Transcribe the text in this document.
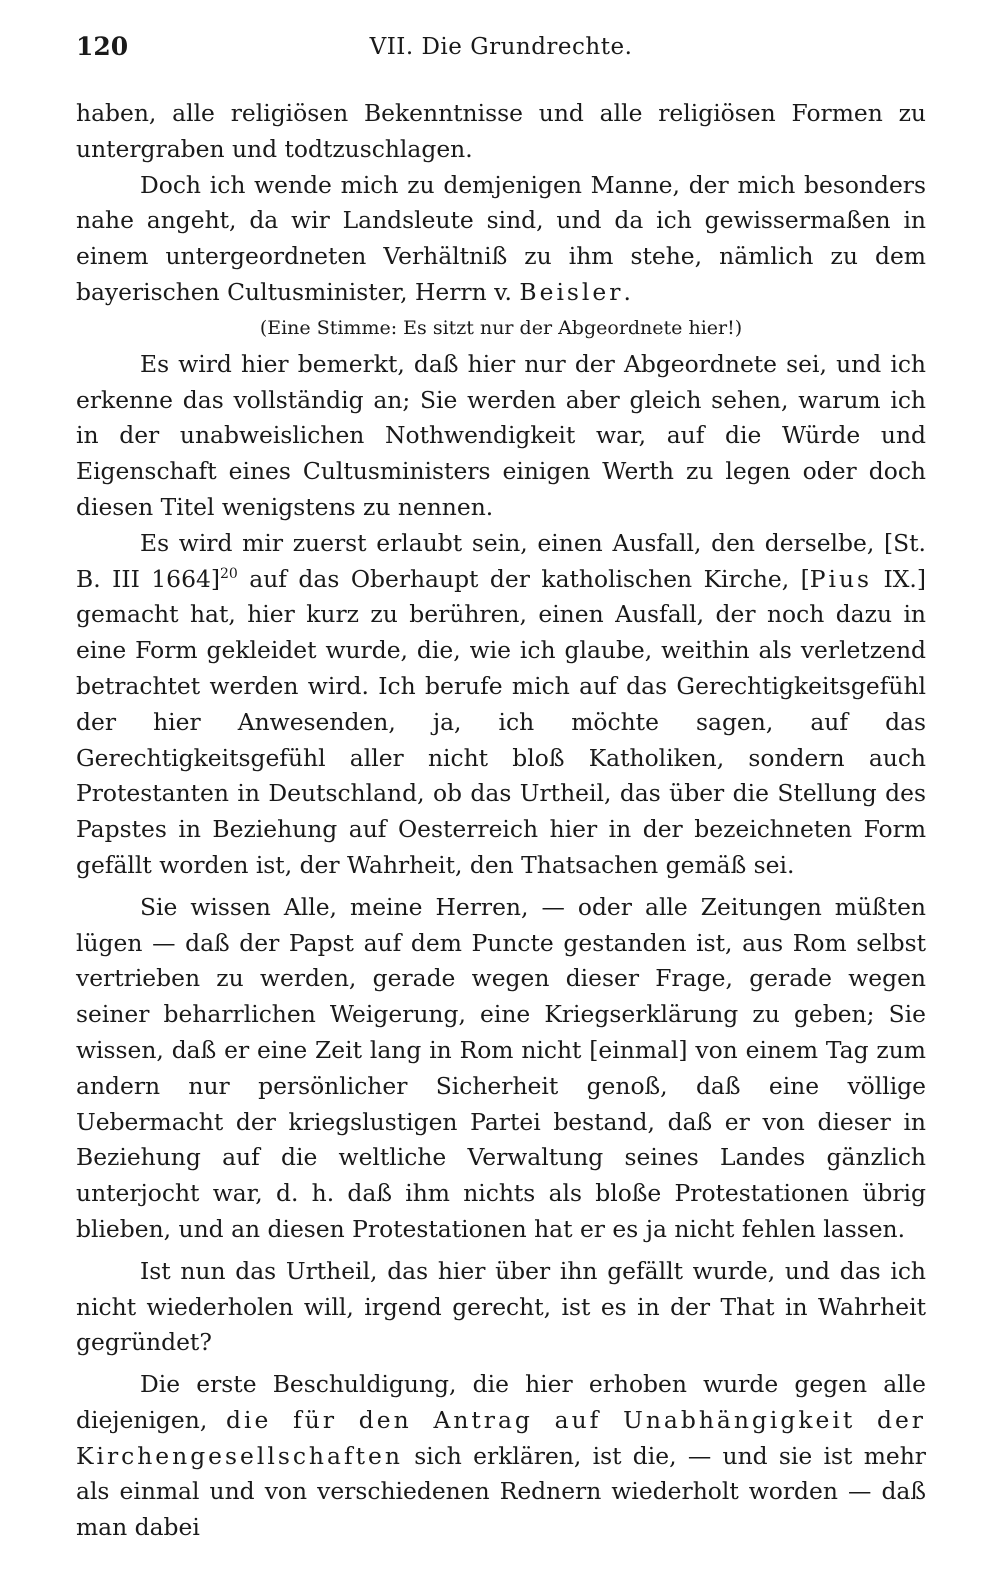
120	VII. Die Grundrechte.

haben, alle religiösen Bekenntnisse und alle religiösen Formen zu untergraben und todtzuschlagen.

Doch ich wende mich zu demjenigen Manne, der mich besonders nahe angeht, da wir Landsleute sind, und da ich gewissermaßen in einem untergeordneten Verhältniß zu ihm stehe, nämlich zu dem bayerischen Cultusminister, Herrn v. Beisler.

(Eine Stimme: Es sitzt nur der Abgeordnete hier!)

Es wird hier bemerkt, daß hier nur der Abgeordnete sei, und ich erkenne das vollständig an; Sie werden aber gleich sehen, warum ich in der unabweislichen Nothwendigkeit war, auf die Würde und Eigenschaft eines Cultusministers einigen Werth zu legen oder doch diesen Titel wenigstens zu nennen.

Es wird mir zuerst erlaubt sein, einen Ausfall, den derselbe, [St. B. III 1664]$^{20}$ auf das Oberhaupt der katholischen Kirche, [Pius IX.] gemacht hat, hier kurz zu berühren, einen Ausfall, der noch dazu in eine Form gekleidet wurde, die, wie ich glaube, weithin als verletzend betrachtet werden wird. Ich berufe mich auf das Gerechtigkeitsgefühl der hier Anwesenden, ja, ich möchte sagen, auf das Gerechtigkeitsgefühl aller nicht bloß Katholiken, sondern auch Protestanten in Deutschland, ob das Urtheil, das über die Stellung des Papstes in Beziehung auf Oesterreich hier in der bezeichneten Form gefällt worden ist, der Wahrheit, den Thatsachen gemäß sei.

Sie wissen Alle, meine Herren, — oder alle Zeitungen müßten lügen — daß der Papst auf dem Puncte gestanden ist, aus Rom selbst vertrieben zu werden, gerade wegen dieser Frage, gerade wegen seiner beharrlichen Weigerung, eine Kriegserklärung zu geben; Sie wissen, daß er eine Zeit lang in Rom nicht [einmal] von einem Tag zum andern nur persönlicher Sicherheit genoß, daß eine völlige Uebermacht der kriegslustigen Partei bestand, daß er von dieser in Beziehung auf die weltliche Verwaltung seines Landes gänzlich unterjocht war, d. h. daß ihm nichts als bloße Protestationen übrig blieben, und an diesen Protestationen hat er es ja nicht fehlen lassen.

Ist nun das Urtheil, das hier über ihn gefällt wurde, und das ich nicht wiederholen will, irgend gerecht, ist es in der That in Wahrheit gegründet?

Die erste Beschuldigung, die hier erhoben wurde gegen alle diejenigen, die für den Antrag auf Unabhängigkeit der Kirchengesellschaften sich erklären, ist die, — und sie ist mehr als einmal und von verschiedenen Rednern wiederholt worden — daß man dabei
